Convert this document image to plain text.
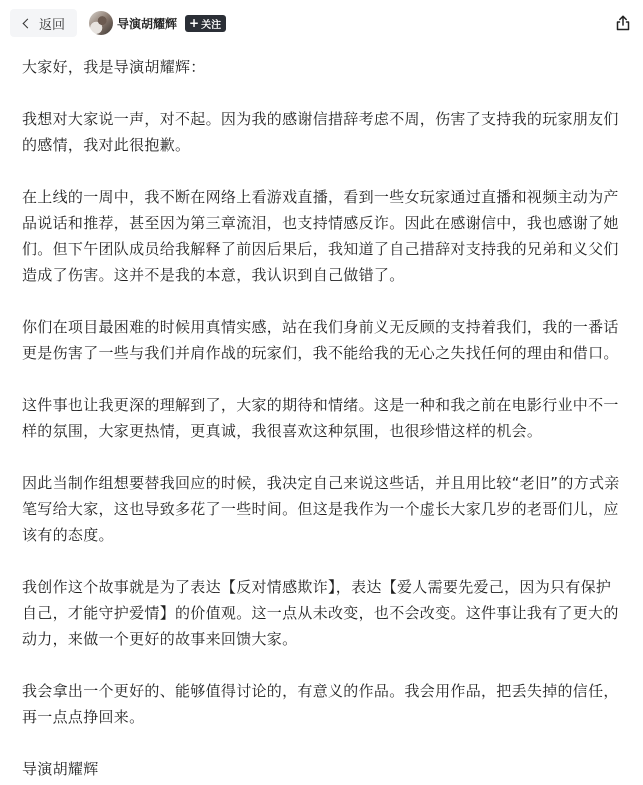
返回	导演胡耀辉 + 关注

大家好，我是导演胡耀辉：

我想对大家说一声，对不起。因为我的感谢信措辞考虑不周，伤害了支持我的玩家朋友们的感情，我对此很抱歉。

在上线的一周中，我不断在网络上看游戏直播，看到一些女玩家通过直播和视频主动为产品说话和推荐，甚至因为第三章流泪，也支持情感反诈。因此在感谢信中，我也感谢了她们。但下午团队成员给我解释了前因后果后，我知道了自己措辞对支持我的兄弟和义父们造成了伤害。这并不是我的本意，我认识到自己做错了。

你们在项目最困难的时候用真情实感，站在我们身前义无反顾的支持着我们，我的一番话更是伤害了一些与我们并肩作战的玩家们，我不能给我的无心之失找任何的理由和借口。

这件事也让我更深的理解到了，大家的期待和情绪。这是一种和我之前在电影行业中不一样的氛围，大家更热情，更真诚，我很喜欢这种氛围，也很珍惜这样的机会。

因此当制作组想要替我回应的时候，我决定自己来说这些话，并且用比较“老旧”的方式亲笔写给大家，这也导致多花了一些时间。但这是我作为一个虚长大家几岁的老哥们儿，应该有的态度。

我创作这个故事就是为了表达【反对情感欺诈】，表达【爱人需要先爱己，因为只有保护自己，才能守护爱情】的价值观。这一点从未改变，也不会改变。这件事让我有了更大的动力，来做一个更好的故事来回馈大家。

我会拿出一个更好的、能够值得讨论的，有意义的作品。我会用作品，把丢失掉的信任，再一点点挣回来。

导演胡耀辉
